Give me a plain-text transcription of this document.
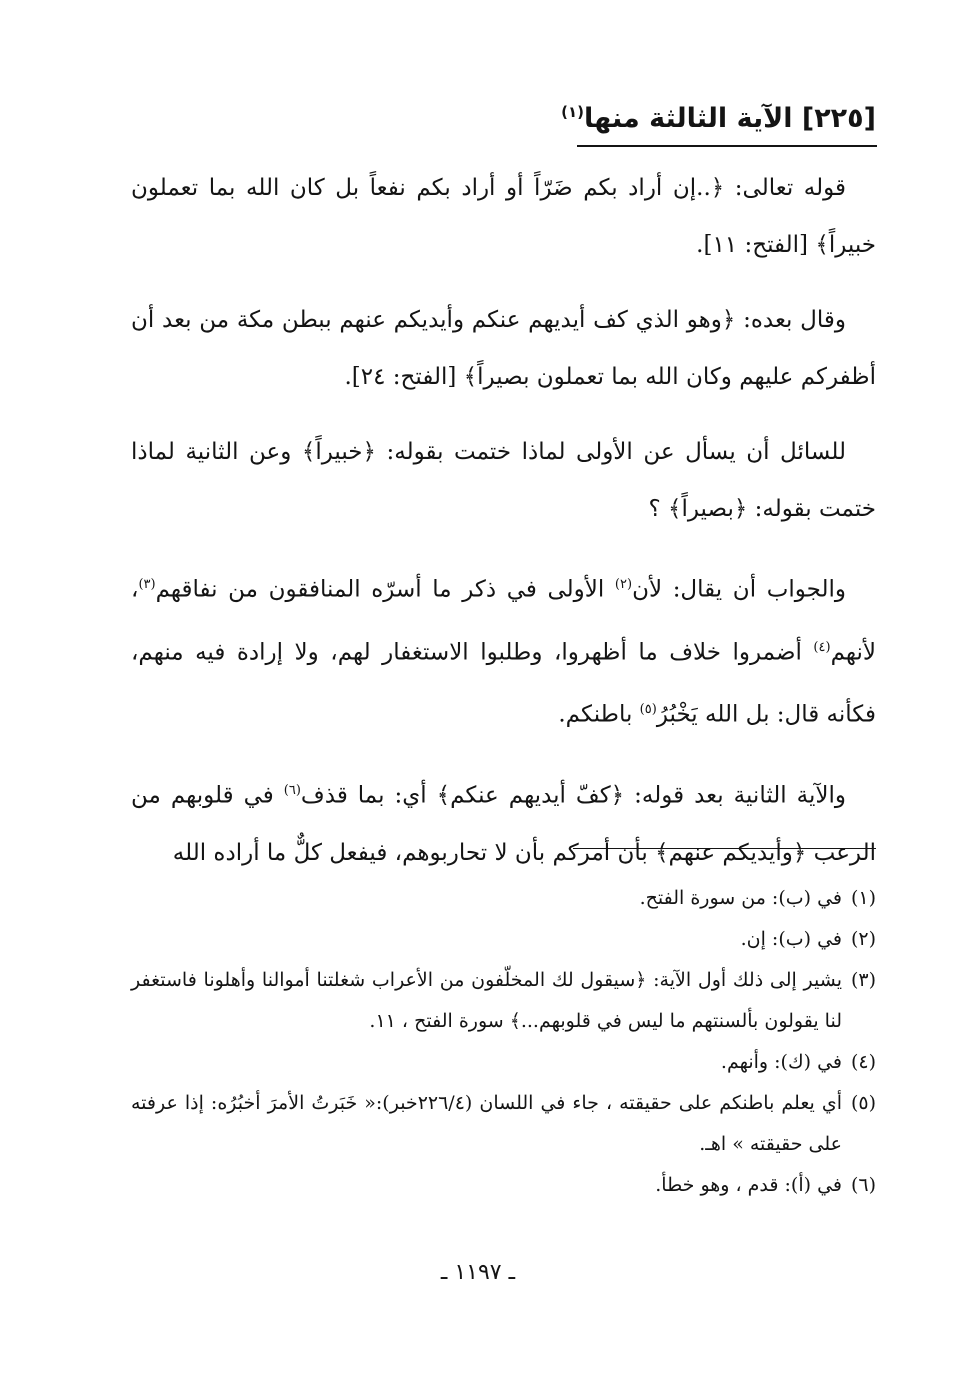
[٢٢٥] الآية الثالثة منها$^{(١)}$

قوله تعالى: ﴿..إن أراد بكم ضَرّاً أو أراد بكم نفعاً بل كان الله بما تعملون خبيراً﴾ [الفتح: ١١].

وقال بعده: ﴿وهو الذي كف أيديهم عنكم وأيديكم عنهم ببطن مكة من بعد أن أظفركم عليهم وكان الله بما تعملون بصيراً﴾ [الفتح: ٢٤].

للسائل أن يسأل عن الأولى لماذا ختمت بقوله: ﴿خبيراً﴾ وعن الثانية لماذا ختمت بقوله: ﴿بصيراً﴾ ؟

والجواب أن يقال: لأن$^{(٢)}$ الأولى في ذكر ما أسرّه المنافقون من نفاقهم$^{(٣)}$، لأنهم$^{(٤)}$ أضمروا خلاف ما أظهروا، وطلبوا الاستغفار لهم، ولا إرادة فيه منهم، فكأنه قال: بل الله يَخْبُرُ$^{(٥)}$ باطنكم.

والآية الثانية بعد قوله: ﴿كفّ أيديهم عنكم﴾ أي: بما قذف$^{(٦)}$ في قلوبهم من الرعب ﴿وأيديكم عنهم﴾ بأن أمركم بأن لا تحاربوهم، فيفعل كلٌّ ما أراده الله

(١)
في (ب): من سورة الفتح.
(٢)
في (ب): إن.
(٣)
يشير إلى ذلك أول الآية: ﴿سيقول لك المخلّفون من الأعراب شغلتنا أموالنا وأهلونا فاستغفر لنا يقولون بألسنتهم ما ليس في قلوبهم...﴾ سورة الفتح ، ١١.
(٤)
في (ك): وأنهم.
(٥)
أي يعلم باطنكم على حقيقته ، جاء في اللسان (٢٢٦/٤خبر):« خَبَرتُ الأمرَ أخبُرُه: إذا عرفته على حقيقته » اهـ.
(٦)
في (أ): قدم ، وهو خطأ.
ـ ١١٩٧ ـ
